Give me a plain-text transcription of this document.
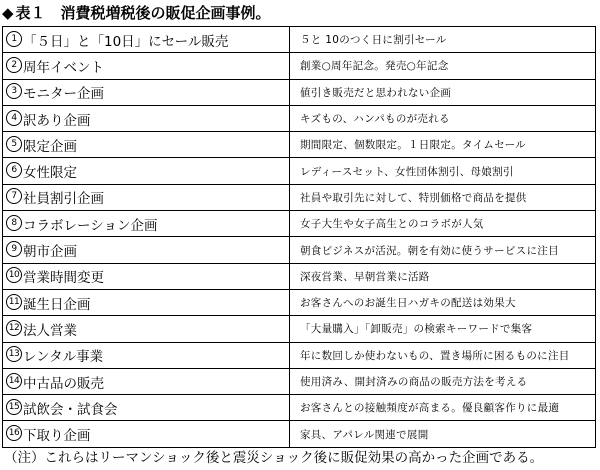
◆ 表１　消費税増税後の販促企画事例。
1 「５日」と「10日」にセール販売	５と 10のつく日に割引セール
2 周年イベント	創業○周年記念。発売○年記念
3 モニター企画	値引き販売だと思われない企画
4 訳あり企画	キズもの、ハンパものが売れる
5 限定企画	期間限定、個数限定。１日限定。タイムセール
6 女性限定	レディースセット、女性団体割引、母娘割引
7 社員割引企画	社員や取引先に対して、特別価格で商品を提供
8 コラボレーション企画	女子大生や女子高生とのコラボが人気
9 朝市企画	朝食ビジネスが活況。朝を有効に使うサービスに注目
10 営業時間変更	深夜営業、早朝営業に活路
11 誕生日企画	お客さんへのお誕生日ハガキの配送は効果大
12 法人営業	「大量購入」「卸販売」の検索キーワードで集客
13 レンタル事業	年に数回しか使わないもの、置き場所に困るものに注目
14 中古品の販売	使用済み、開封済みの商品の販売方法を考える
15 試飲会・試食会	お客さんとの接触頻度が高まる。優良顧客作りに最適
16 下取り企画	家具、アパレル関連で展開
（注）これらはリーマンショック後と震災ショック後に販促効果の高かった企画である。
